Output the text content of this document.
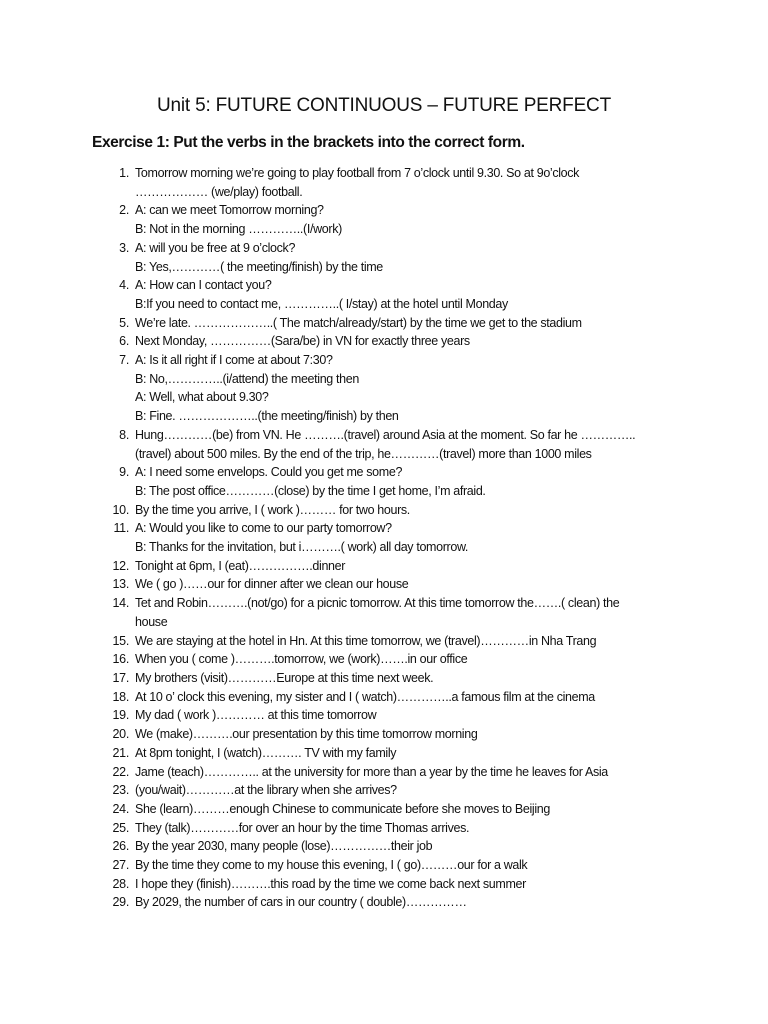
Unit 5: FUTURE CONTINUOUS – FUTURE PERFECT
Exercise 1: Put the verbs in the brackets into the correct form.
1. Tomorrow morning we’re going to play football from 7 o’clock until 9.30. So at 9o’clock
……………… (we/play) football.
2. A: can we meet Tomorrow morning?
B: Not in the morning …………..(I/work)
3. A: will you be free at 9 o’clock?
B: Yes,…………( the meeting/finish) by the time
4. A: How can I contact you?
B:If you need to contact me, …………..( I/stay) at the hotel until Monday
5. We’re late. ………………..( The match/already/start) by the time we get to the stadium
6. Next Monday, ……………(Sara/be) in VN for exactly three years
7. A: Is it all right if I come at about 7:30?
B: No,…………..(i/attend) the meeting then
A: Well, what about 9.30?
B: Fine. ………………..(the meeting/finish) by then
8. Hung…………(be) from VN. He ……….(travel) around Asia at the moment. So far he …………..
(travel) about 500 miles. By the end of the trip, he…………(travel) more than 1000 miles
9. A: I need some envelops. Could you get me some?
B: The post office…………(close) by the time I get home, I’m afraid.
10. By the time you arrive, I ( work )……… for two hours.
11. A: Would you like to come to our party tomorrow?
B: Thanks for the invitation, but i……….( work) all day tomorrow.
12. Tonight at 6pm, I (eat)…………….dinner
13. We ( go )……our for dinner after we clean our house
14. Tet and Robin……….(not/go) for a picnic tomorrow. At this time tomorrow the…….( clean) the
house
15. We are staying at the hotel in Hn. At this time tomorrow, we (travel)…………in Nha Trang
16. When you ( come )……….tomorrow, we (work)…….in our office
17. My brothers (visit)…………Europe at this time next week.
18. At 10 o’ clock this evening, my sister and I ( watch)…………..a famous film at the cinema
19. My dad ( work )………… at this time tomorrow
20. We (make)……….our presentation by this time tomorrow morning
21. At 8pm tonight, I (watch)………. TV with my family
22. Jame (teach)………….. at the university for more than a year by the time he leaves for Asia
23. (you/wait)…………at the library when she arrives?
24. She (learn)………enough Chinese to communicate before she moves to Beijing
25. They (talk)…………for over an hour by the time Thomas arrives.
26. By the year 2030, many people (lose)……………their job
27. By the time they come to my house this evening, I ( go)………our for a walk
28. I hope they (finish)……….this road by the time we come back next summer
29. By 2029, the number of cars in our country ( double)……………
